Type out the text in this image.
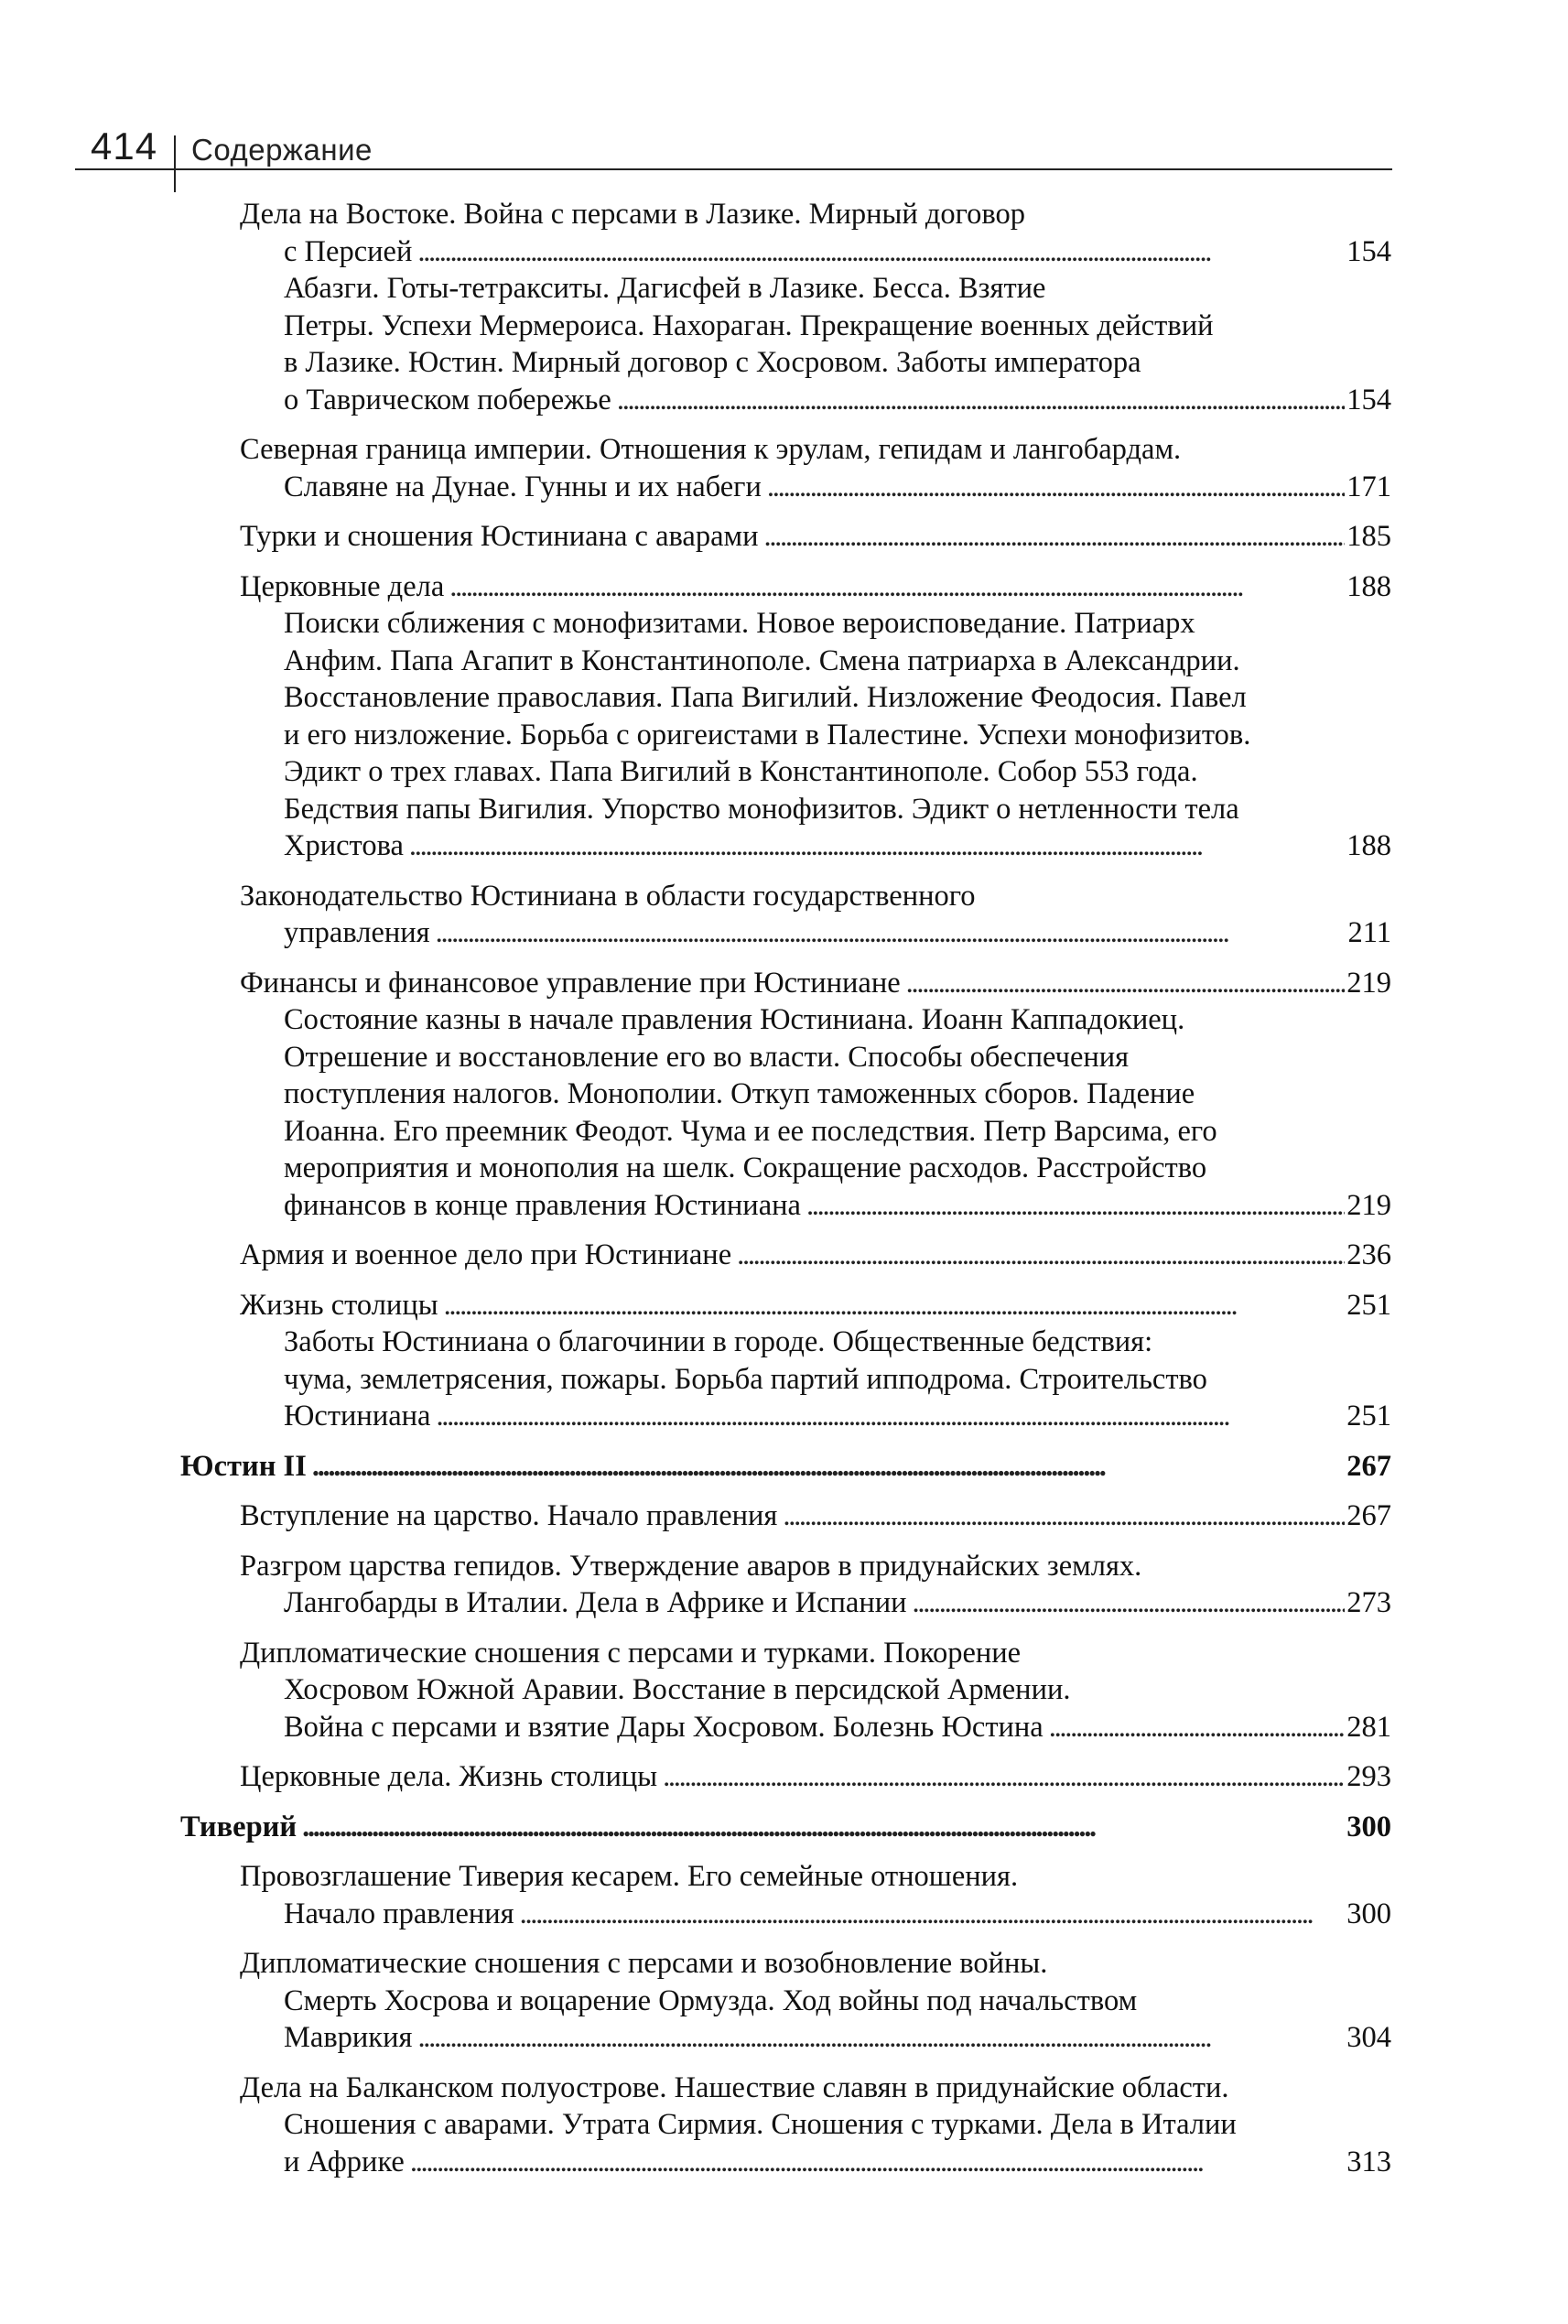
414 Содержание
Дела на Востоке. Война с персами в Лазике. Мирный договор
с Персией . . .	154
Абазги. Готы-тетракситы. Дагисфей в Лазике. Бесса. Взятие
Петры. Успехи Мермероиса. Нахораган. Прекращение военных действий
в Лазике. Юстин. Мирный договор с Хосровом. Заботы императора
о Таврическом побережье . . .	154
Северная граница империи. Отношения к эрулам, гепидам и лангобардам.
Славяне на Дунае. Гунны и их набеги . . .	171
Турки и сношения Юстиниана с аварами . . .	185
Церковные дела . . .	188
Поиски сближения с монофизитами. Новое вероисповедание. Патриарх
Анфим. Папа Агапит в Константинополе. Смена патриарха в Александрии.
Восстановление православия. Папа Вигилий. Низложение Феодосия. Павел
и его низложение. Борьба с оригеистами в Палестине. Успехи монофизитов.
Эдикт о трех главах. Папа Вигилий в Константинополе. Собор 553 года.
Бедствия папы Вигилия. Упорство монофизитов. Эдикт о нетленности тела
Христова . . .	188
Законодательство Юстиниана в области государственного
управления . . .	211
Финансы и финансовое управление при Юстиниане . . .	219
Состояние казны в начале правления Юстиниана. Иоанн Каппадокиец.
Отрешение и восстановление его во власти. Способы обеспечения
поступления налогов. Монополии. Откуп таможенных сборов. Падение
Иоанна. Его преемник Феодот. Чума и ее последствия. Петр Варсима, его
мероприятия и монополия на шелк. Сокращение расходов. Расстройство
финансов в конце правления Юстиниана . . .	219
Армия и военное дело при Юстиниане . . .	236
Жизнь столицы . . .	251
Заботы Юстиниана о благочинии в городе. Общественные бедствия:
чума, землетрясения, пожары. Борьба партий ипподрома. Строительство
Юстиниана . . .	251
Юстин II . . .	267
Вступление на царство. Начало правления . . .	267
Разгром царства гепидов. Утверждение аваров в придунайских землях.
Лангобарды в Италии. Дела в Африке и Испании . . .	273
Дипломатические сношения с персами и турками. Покорение
Хосровом Южной Аравии. Восстание в персидской Армении.
Война с персами и взятие Дары Хосровом. Болезнь Юстина . . .	281
Церковные дела. Жизнь столицы . . .	293
Тиверий . . .	300
Провозглашение Тиверия кесарем. Его семейные отношения.
Начало правления . . .	300
Дипломатические сношения с персами и возобновление войны.
Смерть Хосрова и воцарение Ормузда. Ход войны под начальством
Маврикия . . .	304
Дела на Балканском полуострове. Нашествие славян в придунайские области.
Сношения с аварами. Утрата Сирмия. Сношения с турками. Дела в Италии
и Африке . . .	313
